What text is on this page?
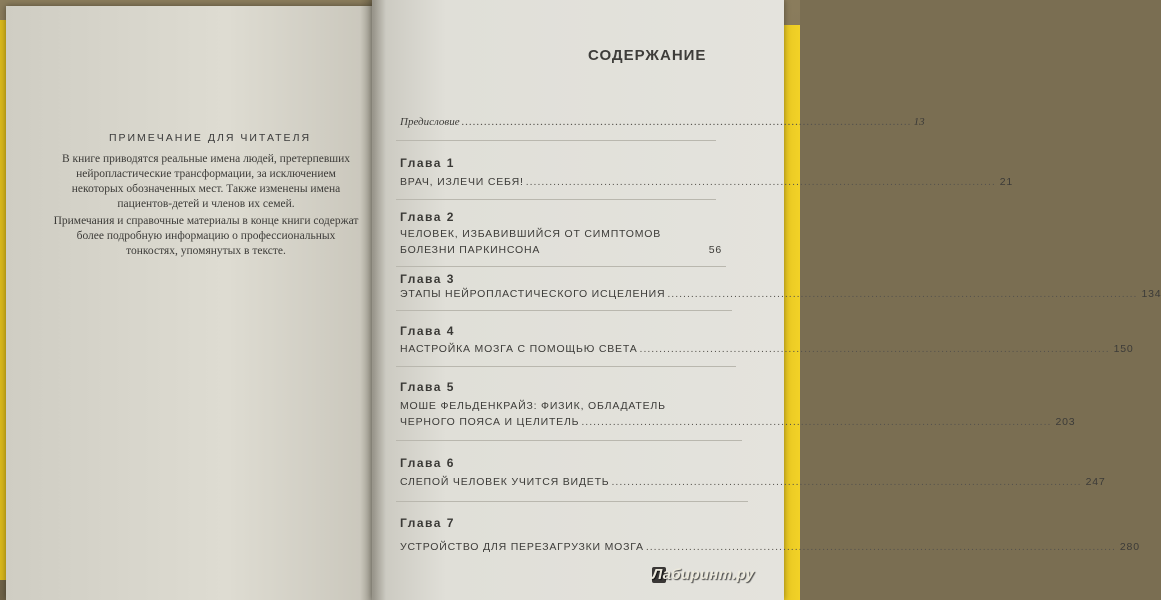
ПРИМЕЧАНИЕ ДЛЯ ЧИТАТЕЛЯ
В книге приводятся реальные имена людей, претерпевших нейропластические трансформации, за исключением некоторых обозначенных мест. Также изменены имена пациентов-детей и членов их семей.
Примечания и справочные материалы в конце книги содержат более подробную информацию о профессиональных тонкостях, упомянутых в тексте.
СОДЕРЖАНИЕ
Предисловие ........................................................................................................................ 13
Глава 1
ВРАЧ, ИЗЛЕЧИ СЕБЯ! ........................................................................................................................ 21
Глава 2
ЧЕЛОВЕК, ИЗБАВИВШИЙСЯ ОТ СИМПТОМОВ
БОЛЕЗНИ ПАРКИНСОНА	56
Глава 3
ЭТАПЫ НЕЙРОПЛАСТИЧЕСКОГО ИСЦЕЛЕНИЯ ........................................................................................................................ 134
Глава 4
НАСТРОЙКА МОЗГА С ПОМОЩЬЮ СВЕТА ........................................................................................................................ 150
Глава 5
МОШЕ ФЕЛЬДЕНКРАЙЗ: ФИЗИК, ОБЛАДАТЕЛЬ
ЧЕРНОГО ПОЯСА И ЦЕЛИТЕЛЬ ........................................................................................................................ 203
Глава 6
СЛЕПОЙ ЧЕЛОВЕК УЧИТСЯ ВИДЕТЬ ........................................................................................................................ 247
Глава 7
УСТРОЙСТВО ДЛЯ ПЕРЕЗАГРУЗКИ МОЗГА ........................................................................................................................ 280
Лабиринт.ру
